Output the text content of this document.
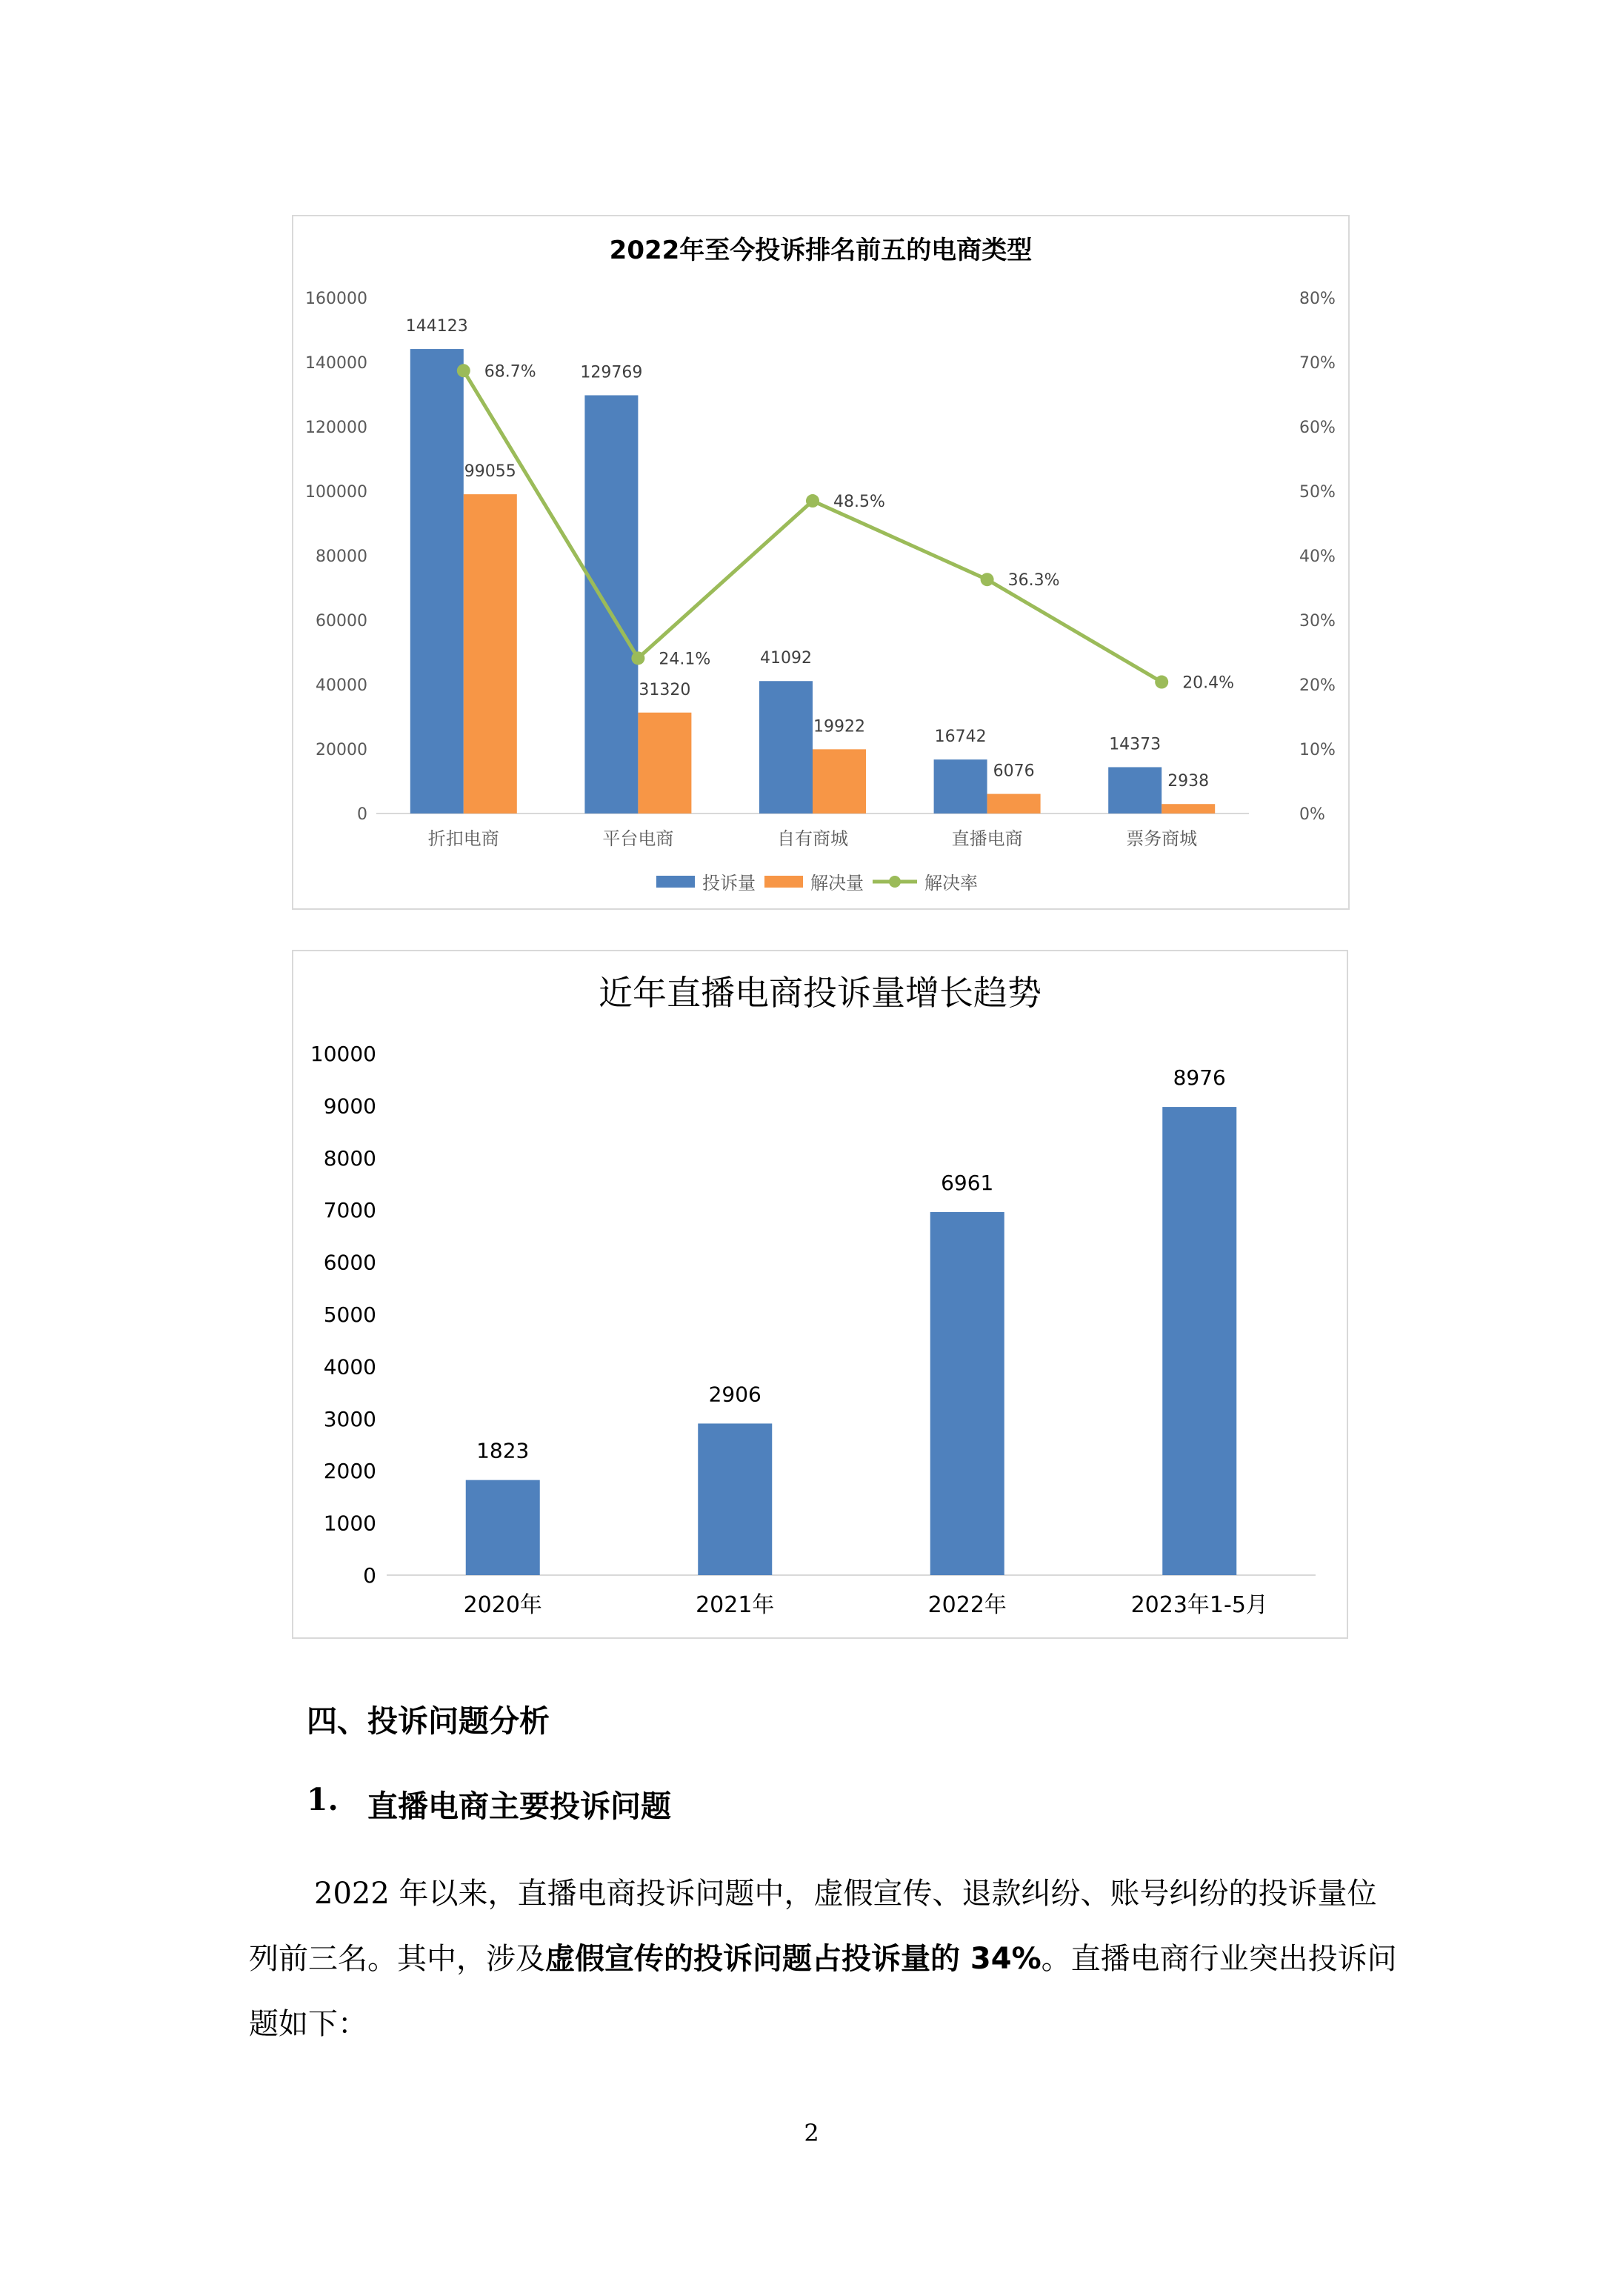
2022年至今投诉排名前五的电商类型
0
20000
40000
60000
80000
100000
120000
140000
160000
0%
10%
20%
30%
40%
50%
60%
70%
80%
折扣电商	平台电商	自有商城	直播电商	票务商城
144123
129769
41092
16742	14373
99055
31320
19922
6076
2938
68.7%
24.1%
48.5%
36.3%
20.4%
投诉量	解决量	解决率
近年直播电商投诉量增长趋势
0
1000
2000
3000
4000
5000
6000
7000
8000
9000
10000
1823
2020年
2906
2021年
6961
2022年
8976
2023年1-5月
四、投诉问题分析
1. 直播电商主要投诉问题
2022 年以来，直播电商投诉问题中，虚假宣传、退款纠纷、账号纠纷的投诉量位列前三名。其中，涉及虚假宣传的投诉问题占投诉量的 34%。直播电商行业突出投诉问题如下：
2
